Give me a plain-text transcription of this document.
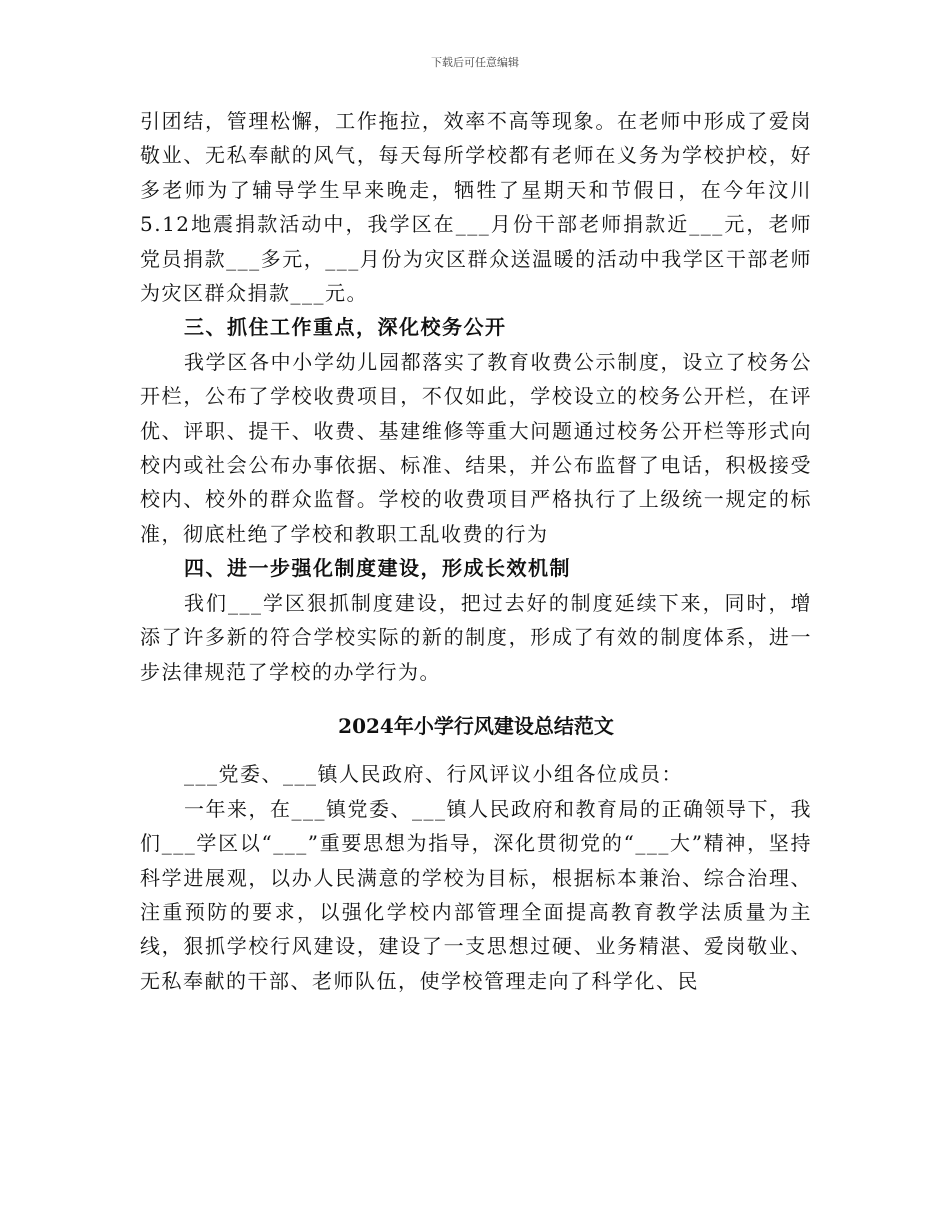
下载后可任意编辑

引团结，管理松懈，工作拖拉，效率不高等现象。在老师中形成了爱岗敬业、无私奉献的风气，每天每所学校都有老师在义务为学校护校，好多老师为了辅导学生早来晚走，牺牲了星期天和节假日，在今年汶川5.12地震捐款活动中，我学区在___月份干部老师捐款近___元，老师党员捐款___多元，___月份为灾区群众送温暖的活动中我学区干部老师为灾区群众捐款___元。

三、抓住工作重点，深化校务公开

我学区各中小学幼儿园都落实了教育收费公示制度，设立了校务公开栏，公布了学校收费项目，不仅如此，学校设立的校务公开栏，在评优、评职、提干、收费、基建维修等重大问题通过校务公开栏等形式向校内或社会公布办事依据、标准、结果，并公布监督了电话，积极接受校内、校外的群众监督。学校的收费项目严格执行了上级统一规定的标准，彻底杜绝了学校和教职工乱收费的行为

四、进一步强化制度建设，形成长效机制

我们___学区狠抓制度建设，把过去好的制度延续下来，同时，增添了许多新的符合学校实际的新的制度，形成了有效的制度体系，进一步法律规范了学校的办学行为。

2024年小学行风建设总结范文

___党委、___镇人民政府、行风评议小组各位成员：

一年来，在___镇党委、___镇人民政府和教育局的正确领导下，我们___学区以“___”重要思想为指导，深化贯彻党的“___大”精神，坚持科学进展观，以办人民满意的学校为目标，根据标本兼治、综合治理、注重预防的要求，以强化学校内部管理全面提高教育教学法质量为主线，狠抓学校行风建设，建设了一支思想过硬、业务精湛、爱岗敬业、无私奉献的干部、老师队伍，使学校管理走向了科学化、民
